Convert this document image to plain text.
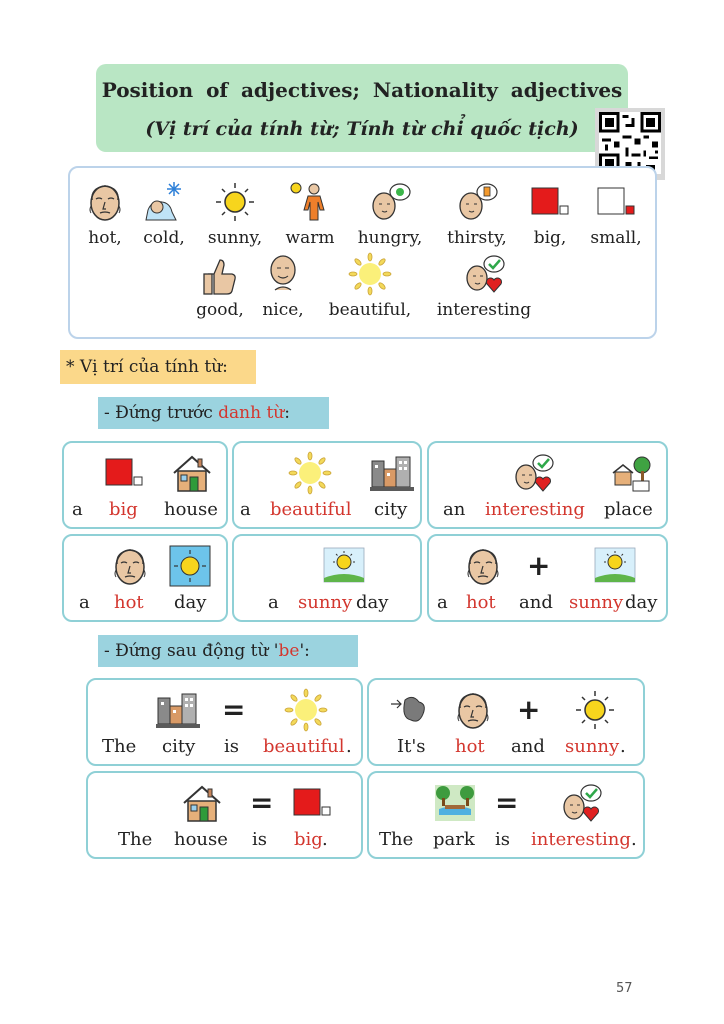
Position of adjectives; Nationality adjectives
(Vị trí của tính từ; Tính từ chỉ quốc tịch)
hot,	cold,	sunny, warm hungry,	thirsty,	big,	small,
good, nice, beautiful, interesting
* Vị trí của tính từ:
- Đứng trước danh từ:
a big house a beautiful city an interesting place
a hot day	a sunny day
+
a hot and sunny day
- Đứng sau động từ 'be':
=
The city is beautiful .
+
It's hot and sunny .
=
The house is big .
=
The park is interesting .
57
